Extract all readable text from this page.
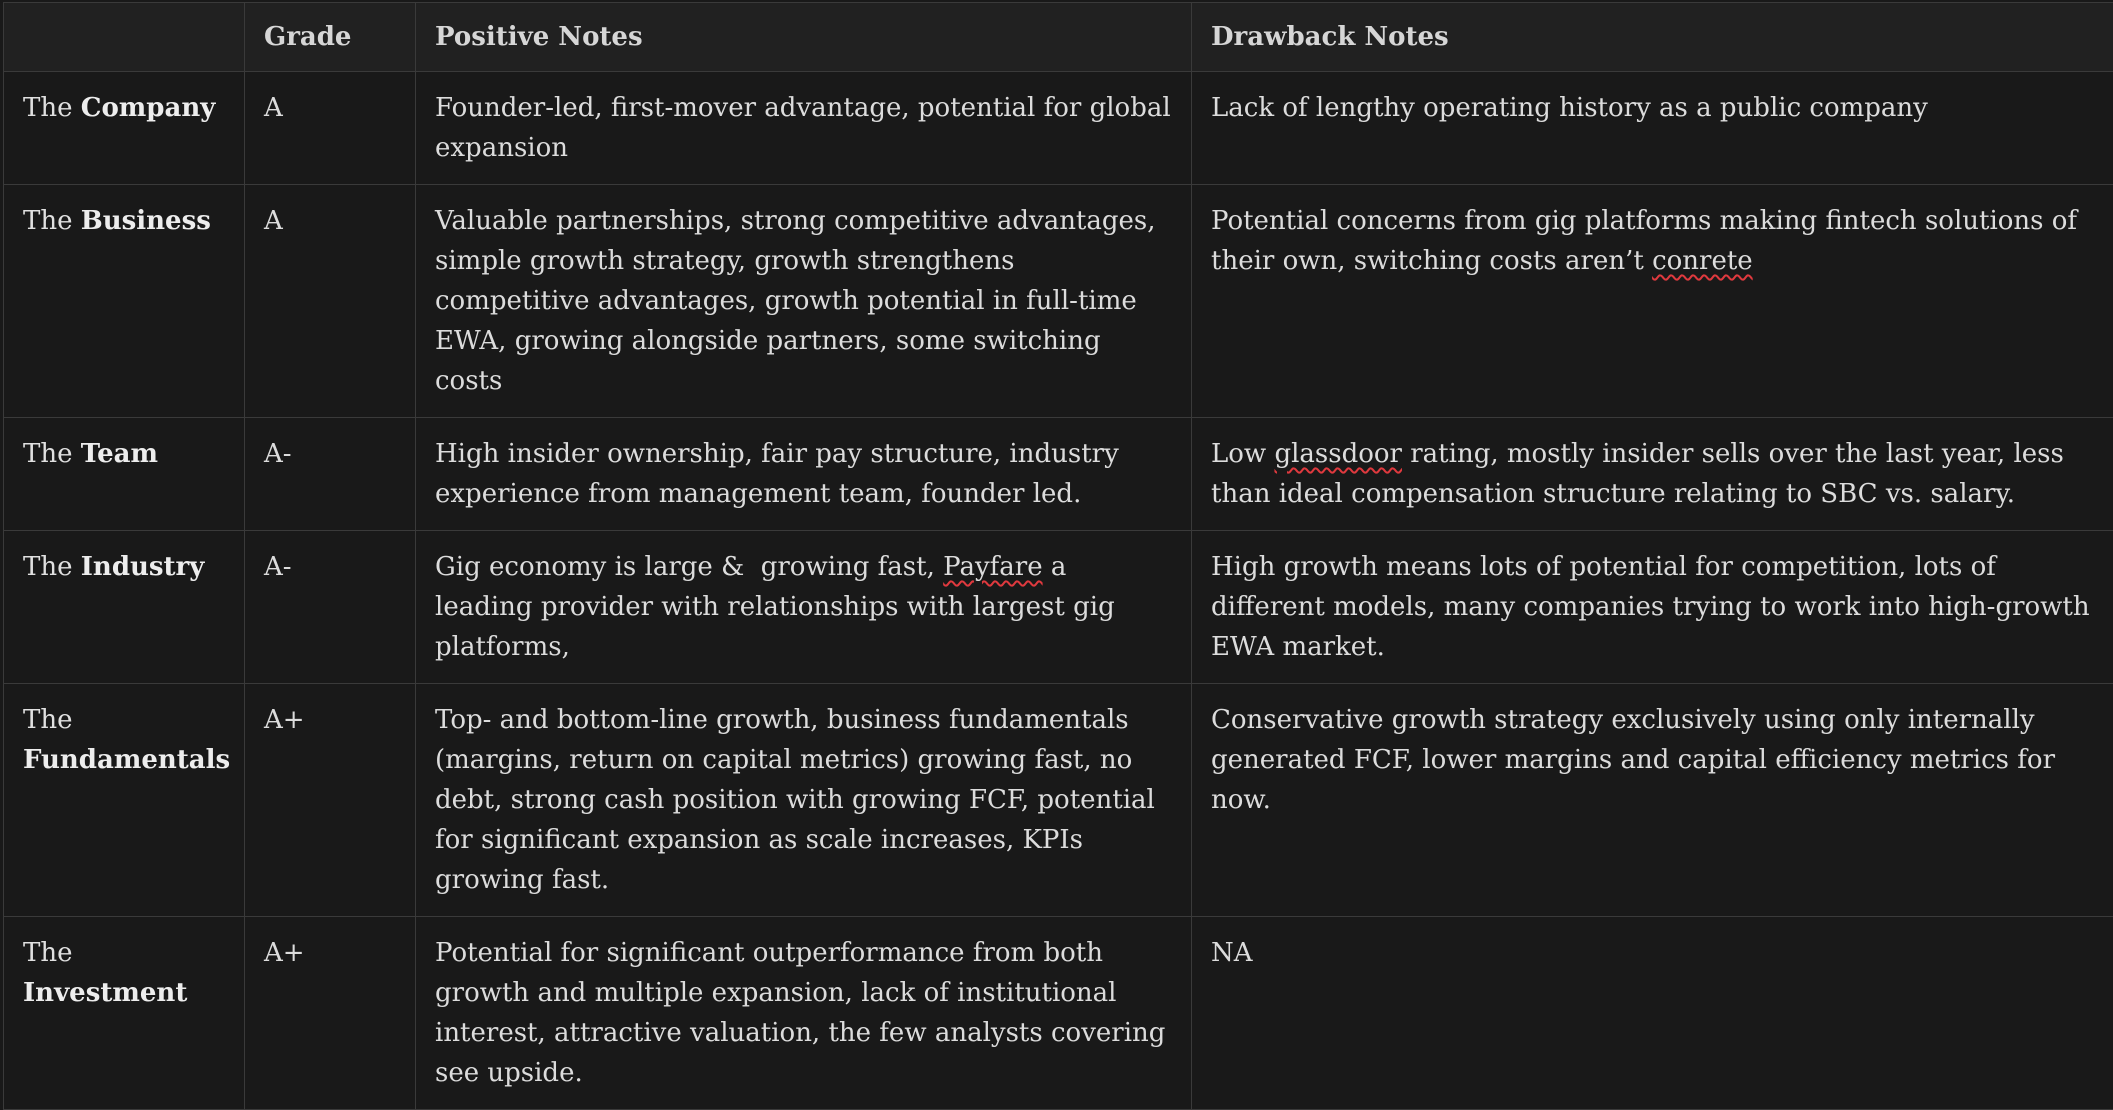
	Grade	Positive Notes	Drawback Notes
The Company	A	Founder-led, first-mover advantage, potential for global expansion	Lack of lengthy operating history as a public company
The Business	A	Valuable partnerships, strong competitive advantages, simple growth strategy, growth strengthens competitive advantages, growth potential in full-time EWA, growing alongside partners, some switching costs	Potential concerns from gig platforms making fintech solutions of their own, switching costs aren’t conrete
The Team	A-	High insider ownership, fair pay structure, industry experience from management team, founder led.	Low glassdoor rating, mostly insider sells over the last year, less than ideal compensation structure relating to SBC vs. salary.
The Industry	A-	Gig economy is large &  growing fast, Payfare a leading provider with relationships with largest gig platforms,	High growth means lots of potential for competition, lots of different models, many companies trying to work into high-growth EWA market.
The Fundamentals	A+	Top- and bottom-line growth, business fundamentals (margins, return on capital metrics) growing fast, no debt, strong cash position with growing FCF, potential for significant expansion as scale increases, KPIs growing fast.	Conservative growth strategy exclusively using only internally generated FCF, lower margins and capital efficiency metrics for now.
The Investment	A+	Potential for significant outperformance from both growth and multiple expansion, lack of institutional interest, attractive valuation, the few analysts covering see upside.	NA
